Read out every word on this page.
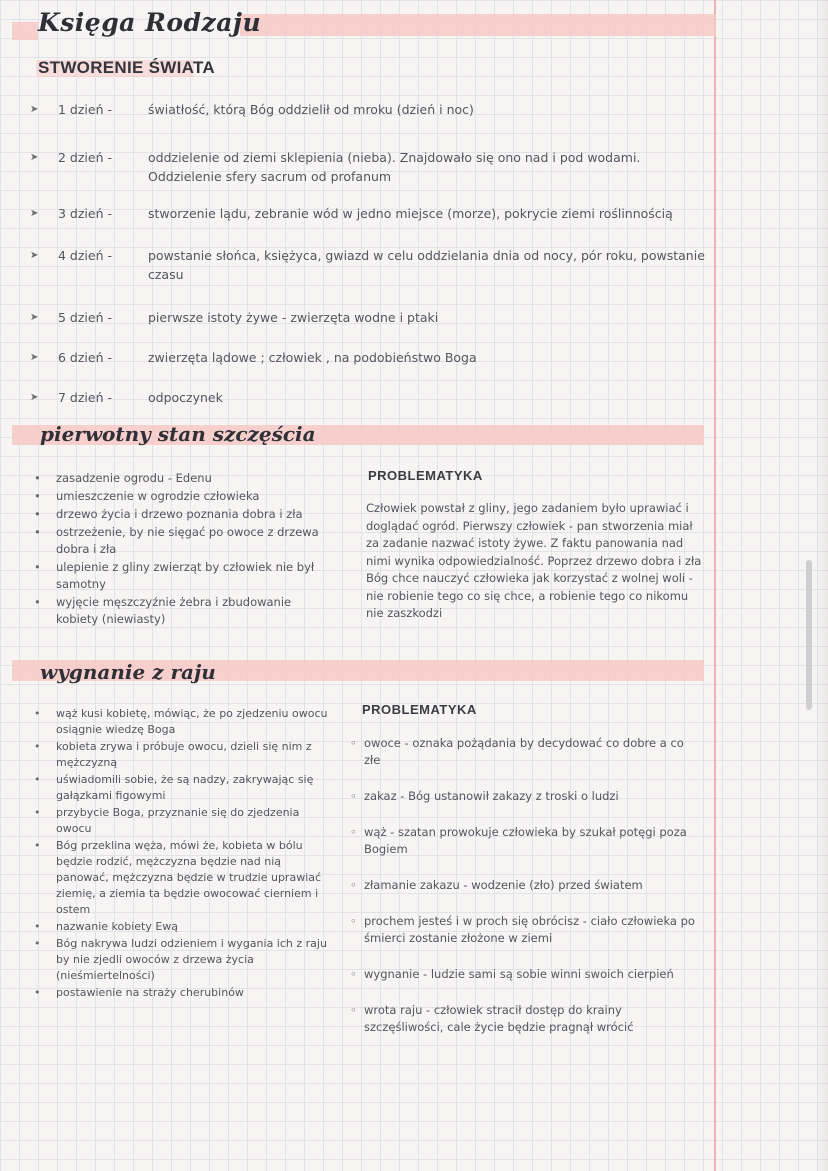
Księga Rodzaju
STWORENIE ŚWIATA
➤ 1 dzień -	światłość, którą Bóg oddzielił od mroku (dzień i noc)
➤ 2 dzień -	oddzielenie od ziemi sklepienia (nieba). Znajdowało się ono nad i pod wodami. Oddzielenie sfery sacrum od profanum
➤ 3 dzień -	stworzenie lądu, zebranie wód w jedno miejsce (morze), pokrycie ziemi roślinnością
➤ 4 dzień -	powstanie słońca, księżyca, gwiazd w celu oddzielania dnia od nocy, pór roku, powstanie czasu
➤ 5 dzień -	pierwsze istoty żywe - zwierzęta wodne i ptaki
➤ 6 dzień -	zwierzęta lądowe ; człowiek , na podobieństwo Boga
➤ 7 dzień -	odpoczynek
pierwotny stan szczęścia
• zasadzenie ogrodu - Edenu
• umieszczenie w ogrodzie człowieka
• drzewo życia i drzewo poznania dobra i zła
• ostrzeżenie, by nie sięgać po owoce z drzewa dobra i zła
• ulepienie z gliny zwierząt by człowiek nie był samotny
• wyjęcie męszczyźnie żebra i zbudowanie kobiety (niewiasty)
PROBLEMATYKA
Człowiek powstał z gliny, jego zadaniem było uprawiać i doglądać ogród. Pierwszy człowiek - pan stworzenia miał za zadanie nazwać istoty żywe. Z faktu panowania nad nimi wynika odpowiedzialność. Poprzez drzewo dobra i zła Bóg chce nauczyć człowieka jak korzystać z wolnej woli - nie robienie tego co się chce, a robienie tego co nikomu nie zaszkodzi
wygnanie z raju
• wąż kusi kobietę, mówiąc, że po zjedzeniu owocu osiągnie wiedzę Boga
• kobieta zrywa i próbuje owocu, dzieli się nim z mężczyzną
• uświadomili sobie, że są nadzy, zakrywając się gałązkami figowymi
• przybycie Boga, przyznanie się do zjedzenia owocu
• Bóg przeklina węża, mówi że, kobieta w bólu będzie rodzić, mężczyzna będzie nad nią panować, mężczyzna będzie w trudzie uprawiać ziemię, a ziemia ta będzie owocować cierniem i ostem
• nazwanie kobiety Ewą
• Bóg nakrywa ludzi odzieniem i wygania ich z raju by nie zjedli owoców z drzewa życia (nieśmiertelności)
• postawienie na straży cherubinów
PROBLEMATYKA
◦ owoce - oznaka pożądania by decydować co dobre a co złe
◦ zakaz - Bóg ustanowił zakazy z troski o ludzi
◦ wąż - szatan prowokuje człowieka by szukał potęgi poza Bogiem
◦ złamanie zakazu - wodzenie (zło) przed światem
◦ prochem jesteś i w proch się obrócisz - ciało człowieka po śmierci zostanie złożone w ziemi
◦ wygnanie - ludzie sami są sobie winni swoich cierpień
◦ wrota raju - człowiek stracił dostęp do krainy szczęśliwości, cale życie będzie pragnął wrócić
